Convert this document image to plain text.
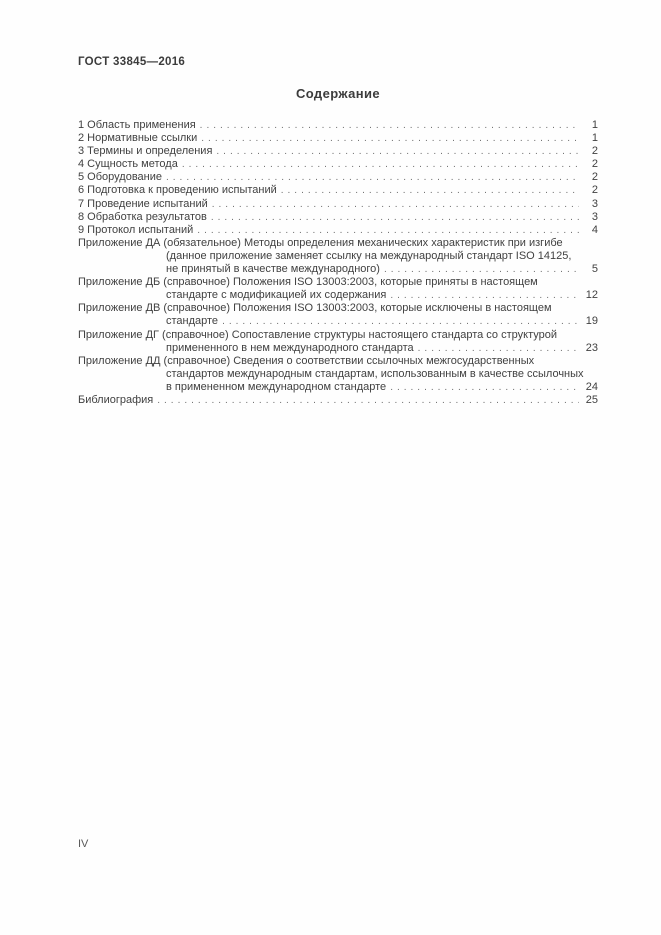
ГОСТ 33845—2016
Содержание
1 Область применения .....	1
2 Нормативные ссылки .....	1
3 Термины и определения .....	2
4 Сущность метода .....	2
5 Оборудование .....	2
6 Подготовка к проведению испытаний .....	2
7 Проведение испытаний .....	3
8 Обработка результатов .....	3
9 Протокол испытаний .....	4
Приложение ДА (обязательное) Методы определения механических характеристик при изгибе
(данное приложение заменяет ссылку на международный стандарт ISO 14125,
не принятый в качестве международного) .....	5
Приложение ДБ (справочное) Положения ISO 13003:2003, которые приняты в настоящем
стандарте с модификацией их содержания .....	12
Приложение ДВ (справочное) Положения ISO 13003:2003, которые исключены в настоящем
стандарте .....	19
Приложение ДГ (справочное) Сопоставление структуры настоящего стандарта со структурой
примененного в нем международного стандарта .....	23
Приложение ДД (справочное) Сведения о соответствии ссылочных межгосударственных
стандартов международным стандартам, использованным в качестве ссылочных
в примененном международном стандарте .....	24
Библиография .....	25
IV
